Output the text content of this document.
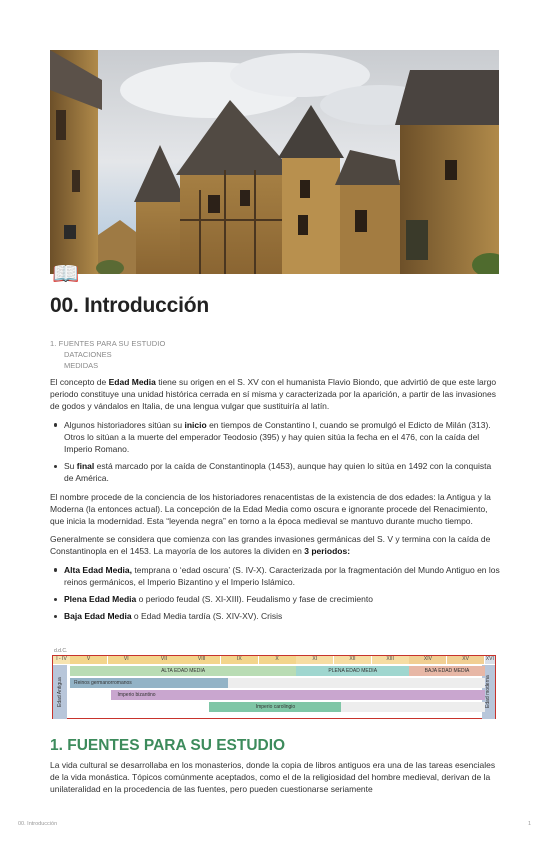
📖
00. Introducción
1. FUENTES PARA SU ESTUDIO
DATACIONES
MEDIDAS

El concepto de Edad Media tiene su origen en el S. XV con el humanista Flavio Biondo, que advirtió de que este largo periodo constituye una unidad histórica cerrada en sí misma y caracterizada por la aparición, a partir de las invasiones de godos y vándalos en Italia, de una lengua vulgar que sustituiría al latín.

Algunos historiadores sitúan su inicio en tiempos de Constantino I, cuando se promulgó el Edicto de Milán (313). Otros lo sitúan a la muerte del emperador Teodosio (395) y hay quien sitúa la fecha en el 476, con la caída del Imperio Romano.
Su final está marcado por la caída de Constantinopla (1453), aunque hay quien lo sitúa en 1492 con la conquista de América.

El nombre procede de la conciencia de los historiadores renacentistas de la existencia de dos edades: la Antigua y la Moderna (la entonces actual). La concepción de la Edad Media como oscura e ignorante procede del Renacimiento, que inicia la modernidad. Esta “leyenda negra” en torno a la época medieval se mantuvo durante mucho tiempo.

Generalmente se considera que comienza con las grandes invasiones germánicas del S. V y termina con la caída de Constantinopla en el 1453. La mayoría de los autores la dividen en 3 periodos:

Alta Edad Media, temprana o ‘edad oscura’ (S. IV-X). Caracterizada por la fragmentación del Mundo Antiguo en los reinos germánicos, el Imperio Bizantino y el Imperio Islámico.
Plena Edad Media o periodo feudal (S. XI-XIII). Feudalismo y fase de crecimiento
Baja Edad Media o Edad Media tardía (S. XIV-XV). Crisis
d.d.C.
I - IV	XVI
V	VI	VII	VIII	IX	X	XI	XII	XIII	XIV	XV
Edad Antigua	Edad moderna
ALTA EDAD MEDIA	PLENA EDAD MEDIA	BAJA EDAD MEDIA
Reinos germanorromanos
Imperio bizantino
Imperio carolingio
1. FUENTES PARA SU ESTUDIO

La vida cultural se desarrollaba en los monasterios, donde la copia de libros antiguos era una de las tareas esenciales de la vida monástica. Tópicos comúnmente aceptados, como el de la religiosidad del hombre medieval, derivan de la unilateralidad en la procedencia de las fuentes, pero pueden cuestionarse seriamente

00. Introducción	1
